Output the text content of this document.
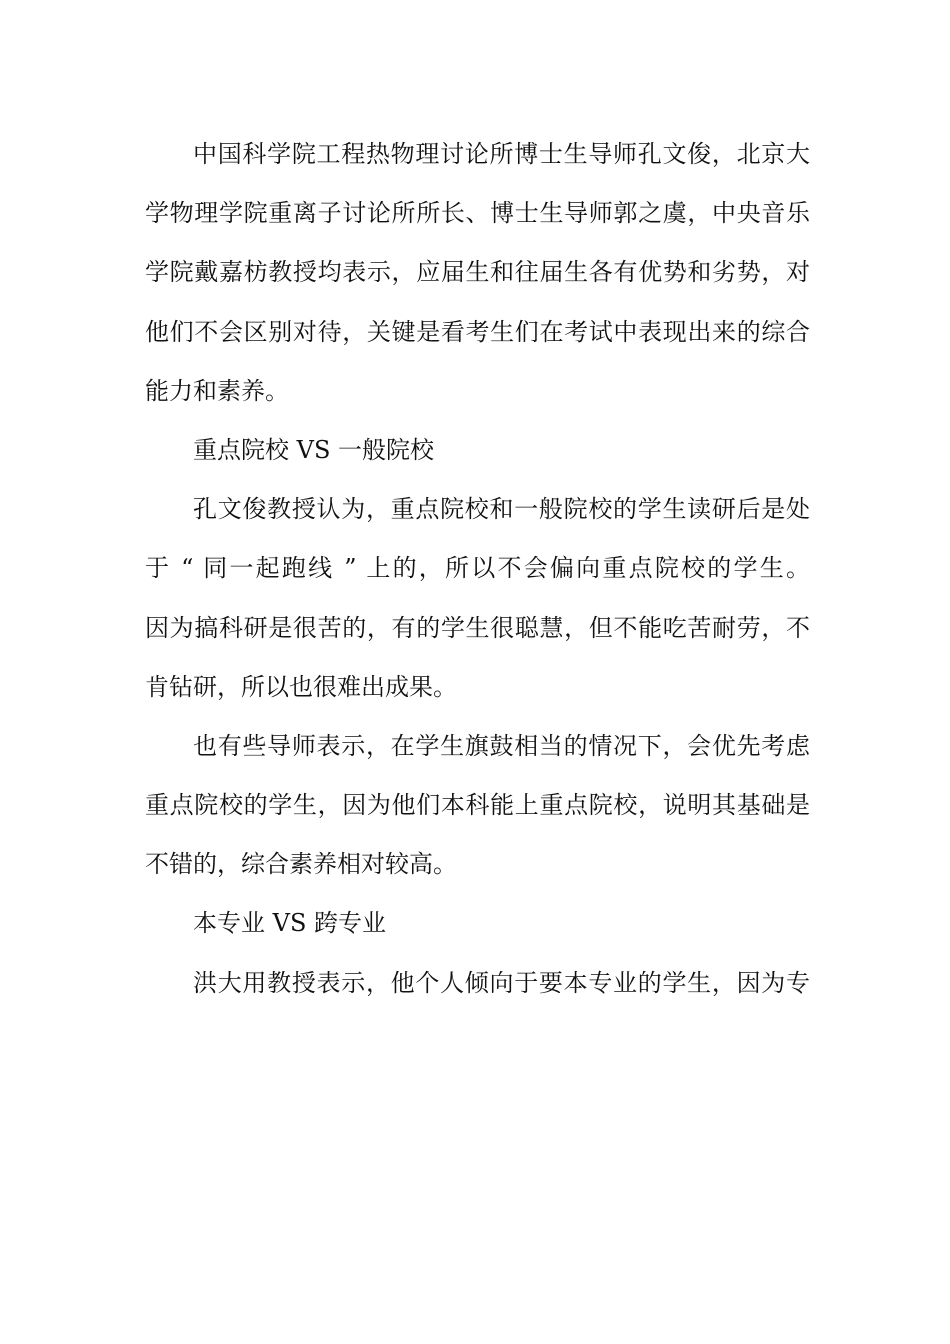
中国科学院工程热物理讨论所博士生导师孔文俊，北京大
学物理学院重离子讨论所所长、博士生导师郭之虞，中央音乐
学院戴嘉枋教授均表示，应届生和往届生各有优势和劣势，对
他们不会区别对待，关键是看考生们在考试中表现出来的综合
能力和素养。
重点院校 VS 一般院校
孔文俊教授认为，重点院校和一般院校的学生读研后是处
于 “ 同一起跑线 ” 上的，所以不会偏向重点院校的学生。
因为搞科研是很苦的，有的学生很聪慧，但不能吃苦耐劳，不
肯钻研，所以也很难出成果。
也有些导师表示，在学生旗鼓相当的情况下，会优先考虑
重点院校的学生，因为他们本科能上重点院校，说明其基础是
不错的，综合素养相对较高。
本专业 VS 跨专业
洪大用教授表示，他个人倾向于要本专业的学生，因为专
